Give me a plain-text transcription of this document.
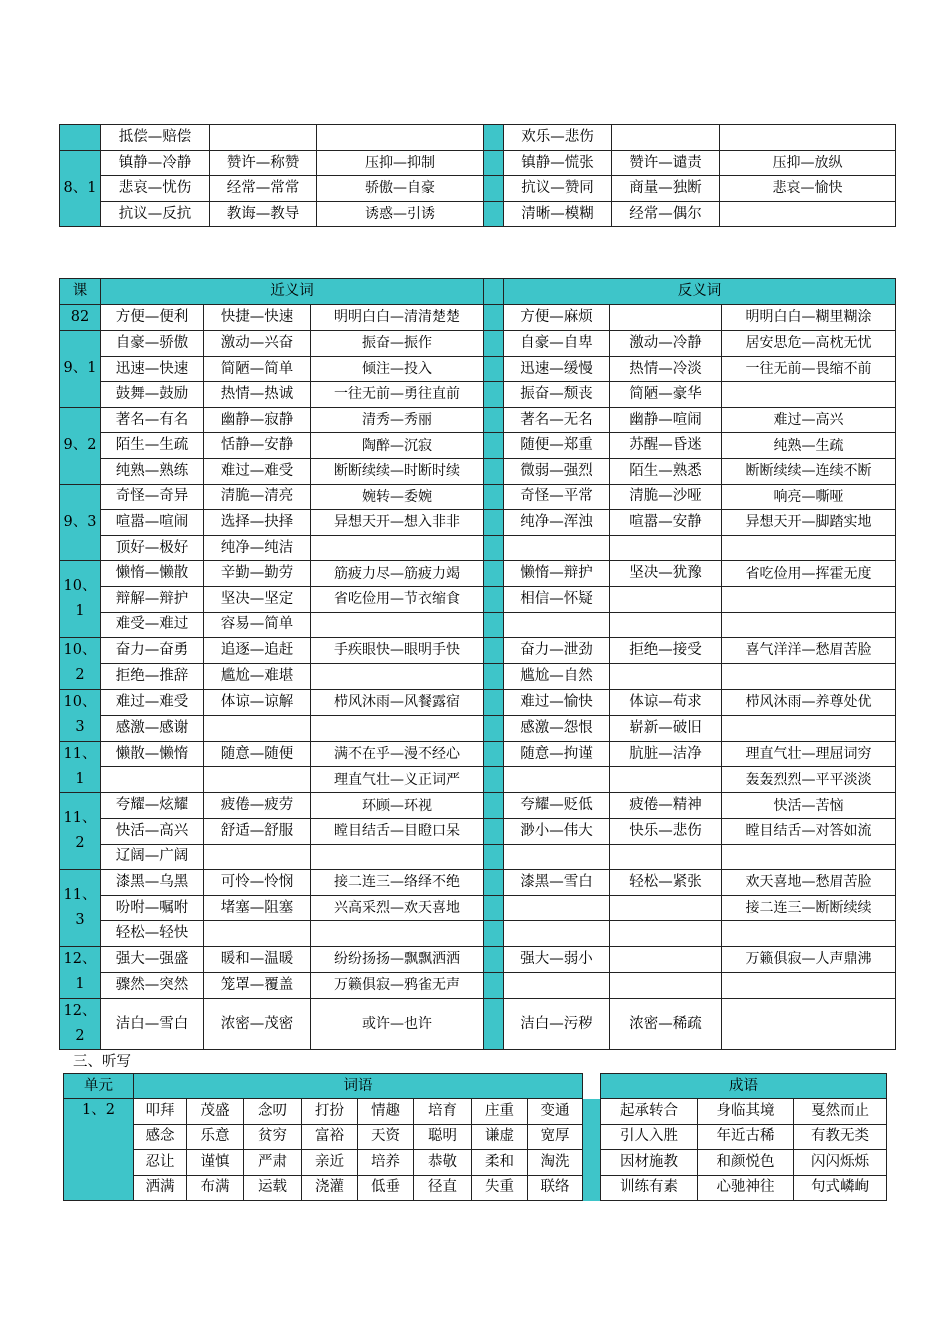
	抵偿—赔偿				欢乐—悲伤		

8、1	镇静—冷静	赞许—称赞	压抑—抑制		镇静—慌张	赞许—谴责	压抑—放纵
	悲哀—忧伤	经常—常常	骄傲—自豪		抗议—赞同	商量—独断	悲哀—愉快
	抗议—反抗	教诲—教导	诱惑—引诱		清晰—模糊	经常—偶尔	
课	近义词				反义词		

82	方便—便利	快捷—快速	明明白白—清清楚楚		方便—麻烦		明明白白—糊里糊涂

9、1	自豪—骄傲	激动—兴奋	振奋—振作		自豪—自卑	激动—冷静	居安思危—高枕无忧
	迅速—快速	简陋—简单	倾注—投入		迅速—缓慢	热情—冷淡	一往无前—畏缩不前
	鼓舞—鼓励	热情—热诚	一往无前—勇往直前		振奋—颓丧	简陋—豪华	

9、2	著名—有名	幽静—寂静	清秀—秀丽		著名—无名	幽静—喧闹	难过—高兴
	陌生—生疏	恬静—安静	陶醉—沉寂		随便—郑重	苏醒—昏迷	纯熟—生疏
	纯熟—熟练	难过—难受	断断续续—时断时续		微弱—强烈	陌生—熟悉	断断续续—连续不断

9、3	奇怪—奇异	清脆—清亮	婉转—委婉		奇怪—平常	清脆—沙哑	响亮—嘶哑
	喧嚣—喧闹	选择—抉择	异想天开—想入非非		纯净—浑浊	喧嚣—安静	异想天开—脚踏实地
	顶好—极好	纯净—纯洁					

10、1	懒惰—懒散	辛勤—勤劳	筋疲力尽—筋疲力竭		懒惰—辩护	坚决—犹豫	省吃俭用—挥霍无度
	辩解—辩护	坚决—坚定	省吃俭用—节衣缩食		相信—怀疑		
	难受—难过	容易—简单					

10、2	奋力—奋勇	追逐—追赶	手疾眼快—眼明手快		奋力—泄劲	拒绝—接受	喜气洋洋—愁眉苦脸
	拒绝—推辞	尴尬—难堪			尴尬—自然		

10、3	难过—难受	体谅—谅解	栉风沐雨—风餐露宿		难过—愉快	体谅—苟求	栉风沐雨—养尊处优
	感激—感谢				感激—怨恨	崭新—破旧	

11、1	懒散—懒惰	随意—随便	满不在乎—漫不经心		随意—拘谨	肮脏—洁净	理直气壮—理屈词穷
			理直气壮—义正词严				轰轰烈烈—平平淡淡

11、2	夸耀—炫耀	疲倦—疲劳	环顾—环视		夸耀—贬低	疲倦—精神	快活—苦恼
	快活—高兴	舒适—舒服	瞠目结舌—目瞪口呆		渺小—伟大	快乐—悲伤	瞠目结舌—对答如流
	辽阔—广阔						

11、3	漆黑—乌黑	可怜—怜悯	接二连三—络绎不绝		漆黑—雪白	轻松—紧张	欢天喜地—愁眉苦脸
	吩咐—嘱咐	堵塞—阻塞	兴高采烈—欢天喜地				接二连三—断断续续
	轻松—轻快						

12、1	强大—强盛	暖和—温暖	纷纷扬扬—飘飘洒洒		强大—弱小		万籁俱寂—人声鼎沸
	骤然—突然	笼罩—覆盖	万籁俱寂—鸦雀无声				

12、2	洁白—雪白	浓密—茂密	或许—也许		洁白—污秽	浓密—稀疏	
三、听写
单元	词语									成语		
1、2	叩拜	茂盛	念叨	打扮	情趣	培育	庄重	变通		起承转合	身临其境	戛然而止
	感念	乐意	贫穷	富裕	天资	聪明	谦虚	宽厚		引人入胜	年近古稀	有教无类
	忍让	谨慎	严肃	亲近	培养	恭敬	柔和	淘洗		因材施教	和颜悦色	闪闪烁烁
	洒满	布满	运载	浇灌	低垂	径直	失重	联络		训练有素	心驰神往	句式嶙峋
